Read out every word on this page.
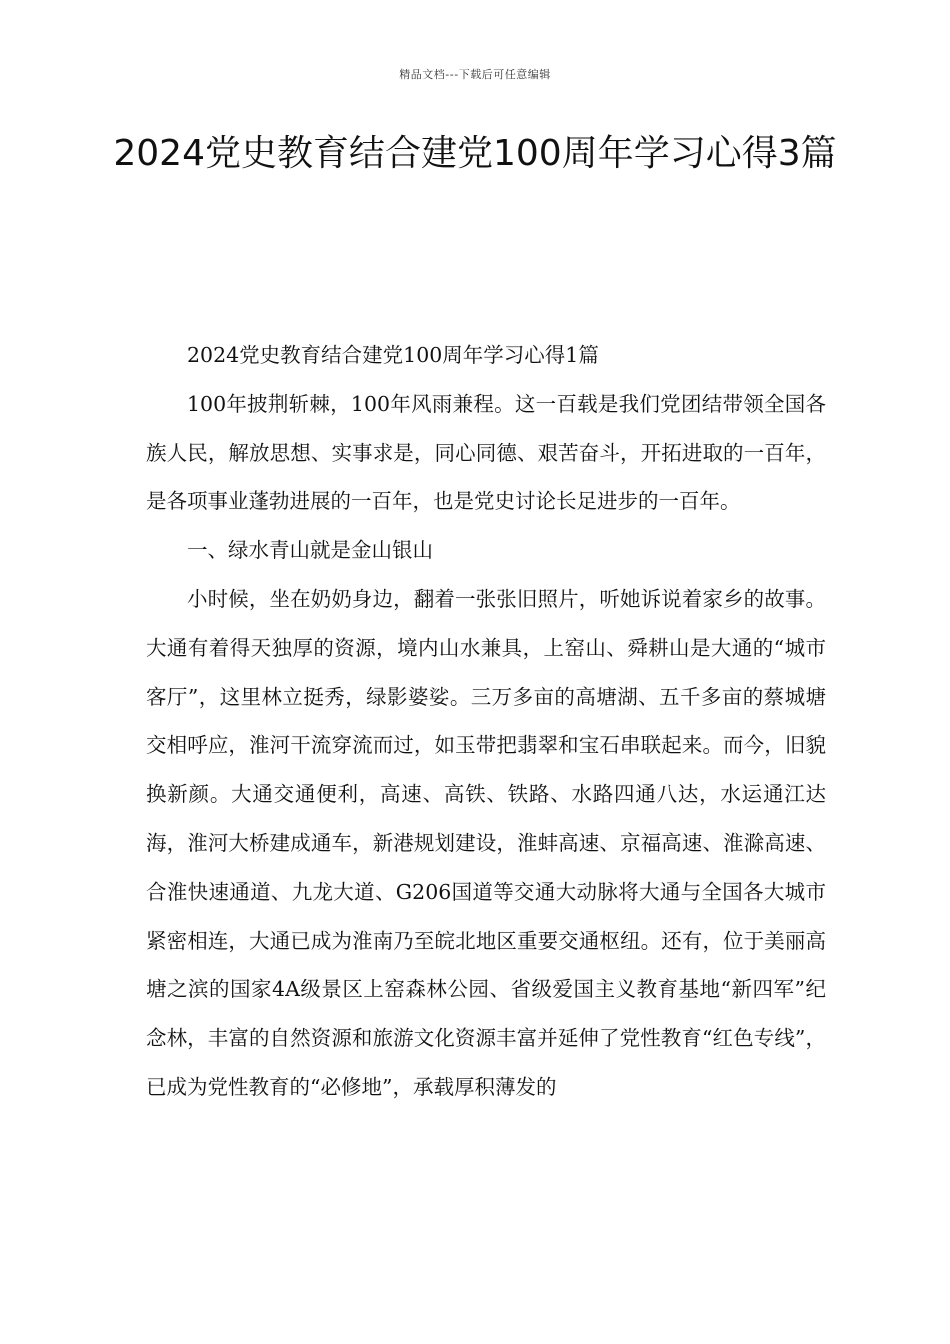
精品文档---下载后可任意编辑
2024党史教育结合建党100周年学习心得3篇

2024党史教育结合建党100周年学习心得1篇

100年披荆斩棘，100年风雨兼程。这一百载是我们党团结带领全国各族人民，解放思想、实事求是，同心同德、艰苦奋斗，开拓进取的一百年，是各项事业蓬勃进展的一百年，也是党史讨论长足进步的一百年。

一、绿水青山就是金山银山

小时候，坐在奶奶身边，翻着一张张旧照片，听她诉说着家乡的故事。大通有着得天独厚的资源，境内山水兼具，上窑山、舜耕山是大通的“城市客厅”，这里林立挺秀，绿影婆娑。三万多亩的高塘湖、五千多亩的蔡城塘交相呼应，淮河干流穿流而过，如玉带把翡翠和宝石串联起来。而今，旧貌换新颜。大通交通便利，高速、高铁、铁路、水路四通八达，水运通江达海，淮河大桥建成通车，新港规划建设，淮蚌高速、京福高速、淮滁高速、合淮快速通道、九龙大道、G206国道等交通大动脉将大通与全国各大城市紧密相连，大通已成为淮南乃至皖北地区重要交通枢纽。还有，位于美丽高塘之滨的国家4A级景区上窑森林公园、省级爱国主义教育基地“新四军”纪念林，丰富的自然资源和旅游文化资源丰富并延伸了党性教育“红色专线”，已成为党性教育的“必修地”，承载厚积薄发的
